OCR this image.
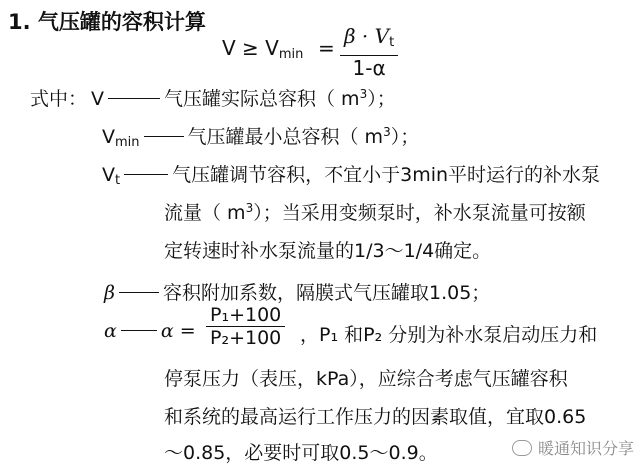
1. 气压罐的容积计算
$V \ge V_{min} = \frac{\beta \cdot V_t}{1-\alpha}$
式中： V	气压罐实际总容积（ $m^3$）；
$V_{min}$	气压罐最小总容积（ $m^3$）；
$V_t$	气压罐调节容积，不宜小于3min平时运行的补水泵
流量（ $m^3$）；当采用变频泵时，补水泵流量可按额
定转速时补水泵流量的1/3～1/4确定。
β	容积附加系数，隔膜式气压罐取1.05；
α $\alpha = \frac{\text{P₁+100}}{\text{P₂+100}}$ ，P₁ 和P₂ 分别为补水泵启动压力和
停泵压力（表压，kPa），应综合考虑气压罐容积
和系统的最高运行工作压力的因素取值，宜取0.65
～0.85，必要时可取0.5～0.9。	暖通知识分享
